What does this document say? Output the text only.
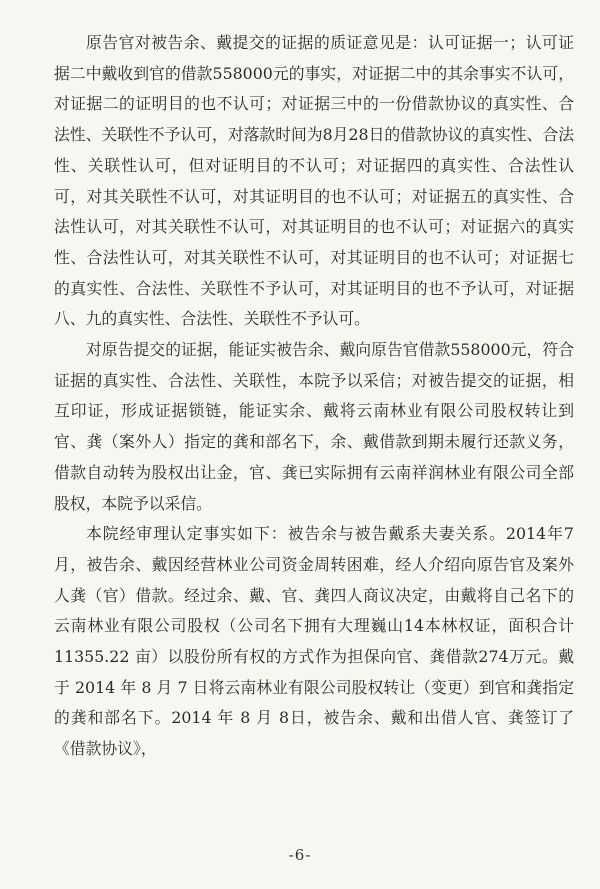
原告官对被告余、戴提交的证据的质证意见是：认可证据一；认可证据二中戴收到官的借款558000元的事实，对证据二中的其余事实不认可，对证据二的证明目的也不认可；对证据三中的一份借款协议的真实性、合法性、关联性不予认可，对落款时间为8月28日的借款协议的真实性、合法性、关联性认可，但对证明目的不认可；对证据四的真实性、合法性认可，对其关联性不认可，对其证明目的也不认可；对证据五的真实性、合法性认可，对其关联性不认可，对其证明目的也不认可；对证据六的真实性、合法性认可，对其关联性不认可，对其证明目的也不认可；对证据七的真实性、合法性、关联性不予认可，对其证明目的也不予认可，对证据八、九的真实性、合法性、关联性不予认可。

对原告提交的证据，能证实被告余、戴向原告官借款558000元，符合证据的真实性、合法性、关联性，本院予以采信；对被告提交的证据，相互印证，形成证据锁链，能证实余、戴将云南林业有限公司股权转让到官、龚（案外人）指定的龚和部名下，余、戴借款到期未履行还款义务，借款自动转为股权出让金，官、龚已实际拥有云南祥润林业有限公司全部股权，本院予以采信。

本院经审理认定事实如下：被告余与被告戴系夫妻关系。2014年7月，被告余、戴因经营林业公司资金周转困难，经人介绍向原告官及案外人龚（官）借款。经过余、戴、官、龚四人商议决定，由戴将自己名下的云南林业有限公司股权（公司名下拥有大理巍山14本林权证，面积合计 11355.22 亩）以股份所有权的方式作为担保向官、龚借款274万元。戴于 2014 年 8 月 7 日将云南林业有限公司股权转让（变更）到官和龚指定的龚和部名下。2014 年 8 月 8日，被告余、戴和出借人官、龚签订了《借款协议》，

-6-
